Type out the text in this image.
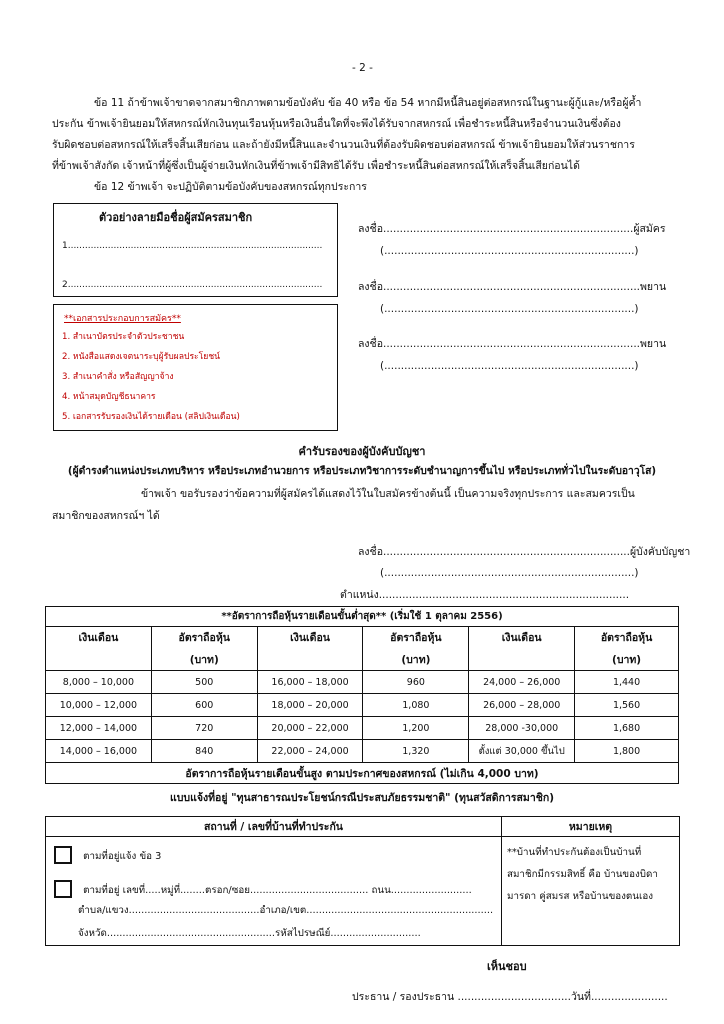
- 2 -

ข้อ 11 ถ้าข้าพเจ้าขาดจากสมาชิกภาพตามข้อบังคับ ข้อ 40 หรือ ข้อ 54 หากมีหนี้สินอยู่ต่อสหกรณ์ในฐานะผู้กู้และ/หรือผู้ค้ำ

ประกัน ข้าพเจ้ายินยอมให้สหกรณ์หักเงินทุนเรือนหุ้นหรือเงินอื่นใดที่จะพึงได้รับจากสหกรณ์ เพื่อชำระหนี้สินหรือจำนวนเงินซึ่งต้อง

รับผิดชอบต่อสหกรณ์ให้เสร็จสิ้นเสียก่อน และถ้ายังมีหนี้สินและจำนวนเงินที่ต้องรับผิดชอบต่อสหกรณ์ ข้าพเจ้ายินยอมให้ส่วนราชการ

ที่ข้าพเจ้าสังกัด เจ้าหน้าที่ผู้ซึ่งเป็นผู้จ่ายเงินหักเงินที่ข้าพเจ้ามีสิทธิได้รับ เพื่อชำระหนี้สินต่อสหกรณ์ให้เสร็จสิ้นเสียก่อนได้

ข้อ 12 ข้าพเจ้า จะปฏิบัติตามข้อบังคับของสหกรณ์ทุกประการ

ตัวอย่างลายมือชื่อผู้สมัครสมาชิก
1.........................................................................................
2.........................................................................................
**เอกสารประกอบการสมัคร**
1. สำเนาบัตรประจำตัวประชาชน
2. หนังสือแสดงเจตนาระบุผู้รับผลประโยชน์
3. สำเนาคำสั่ง หรือสัญญาจ้าง
4. หน้าสมุดบัญชีธนาคาร
5. เอกสารรับรองเงินได้รายเดือน (สลิปเงินเดือน)
ลงชื่อ...........................................................................ผู้สมัคร
(...........................................................................)
ลงชื่อ.............................................................................พยาน
(...........................................................................)
ลงชื่อ.............................................................................พยาน
(...........................................................................)
คำรับรองของผู้บังคับบัญชา
(ผู้ดำรงตำแหน่งประเภทบริหาร หรือประเภทอำนวยการ หรือประเภทวิชาการระดับชำนาญการขึ้นไป หรือประเภททั่วไปในระดับอาวุโส)
ข้าพเจ้า ขอรับรองว่าข้อความที่ผู้สมัครได้แสดงไว้ในใบสมัครข้างต้นนี้ เป็นความจริงทุกประการ และสมควรเป็น
สมาชิกของสหกรณ์ฯ ได้
ลงชื่อ..........................................................................ผู้บังคับบัญชา
(...........................................................................)
ตำแหน่ง...........................................................................
**อัตราการถือหุ้นรายเดือนขั้นต่ำสุด** (เริ่มใช้ 1 ตุลาคม 2556)					
เงินเดือน	อัตราถือหุ้น	เงินเดือน	อัตราถือหุ้น	เงินเดือน	อัตราถือหุ้น
	(บาท)		(บาท)		(บาท)
8,000 – 10,000	500	16,000 – 18,000	960	24,000 – 26,000	1,440
10,000 – 12,000	600	18,000 – 20,000	1,080	26,000 – 28,000	1,560
12,000 – 14,000	720	20,000 – 22,000	1,200	28,000 -30,000	1,680
14,000 – 16,000	840	22,000 – 24,000	1,320	ตั้งแต่ 30,000 ขึ้นไป	1,800
อัตราการถือหุ้นรายเดือนขั้นสูง ตามประกาศของสหกรณ์ (ไม่เกิน 4,000 บาท)					
แบบแจ้งที่อยู่ "ทุนสาธารณประโยชน์กรณีประสบภัยธรรมชาติ" (ทุนสวัสดิการสมาชิก)
สถานที่ / เลขที่บ้านที่ทำประกัน	หมายเหตุ
ตามที่อยู่แจ้ง ข้อ 3
ตามที่อยู่ เลขที่.....หมู่ที่........ตรอก/ซอย...................................... ถนน..........................
ตำบล/แขวง..........................................อำเภอ/เขต............................................................
จังหวัด......................................................รหัสไปรษณีย์.............................
**บ้านที่ทำประกันต้องเป็นบ้านที่
สมาชิกมีกรรมสิทธิ์ คือ บ้านของบิดา
มารดา คู่สมรส หรือบ้านของตนเอง
เห็นชอบ
ประธาน / รองประธาน ..................................วันที่.......................
